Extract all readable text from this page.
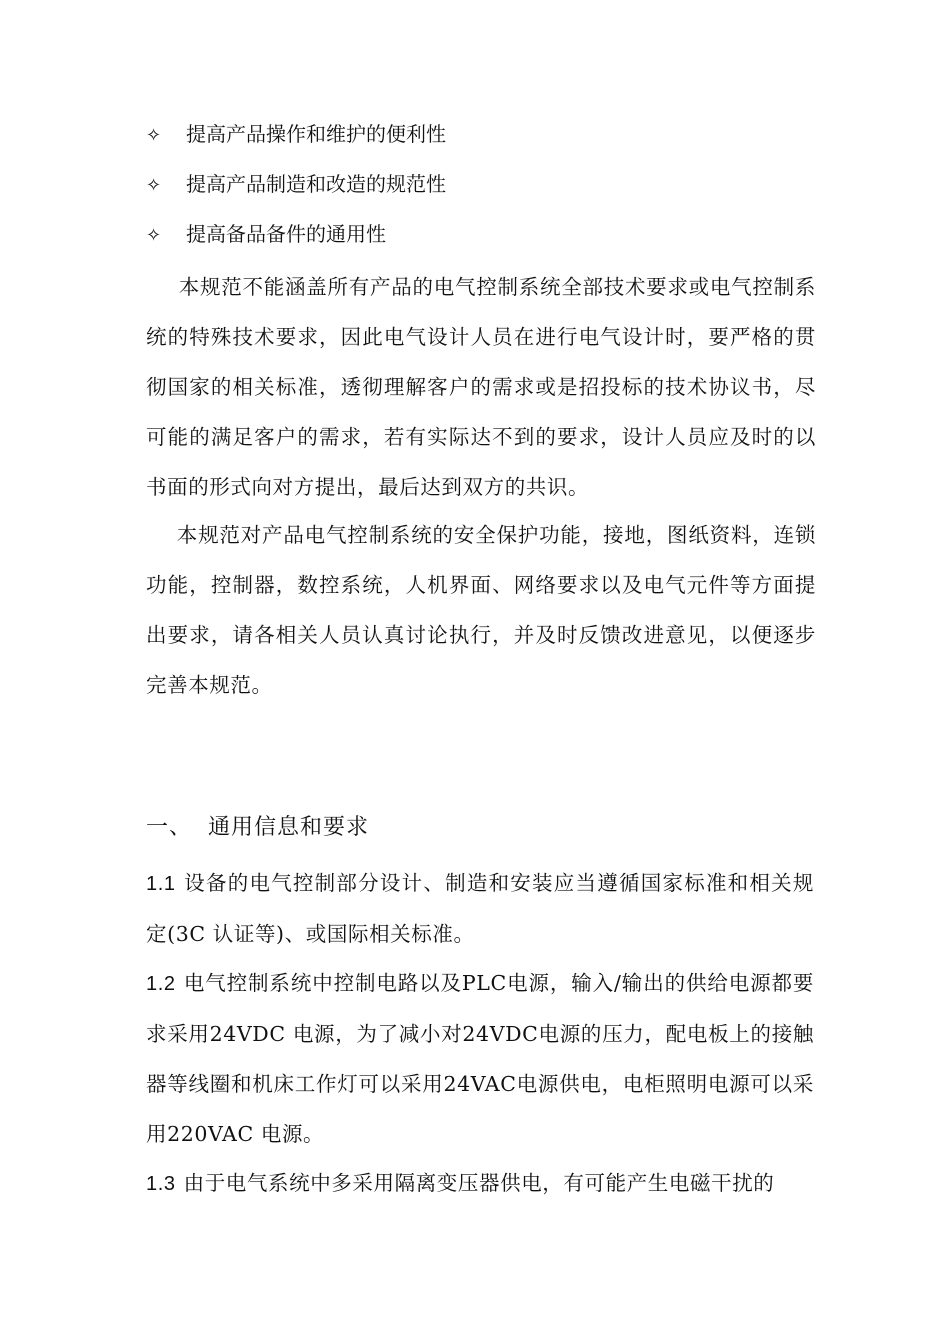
✧ 提高产品操作和维护的便利性
✧ 提高产品制造和改造的规范性
✧ 提高备品备件的通用性

本规范不能涵盖所有产品的电气控制系统全部技术要求或电气控制系统的特殊技术要求，因此电气设计人员在进行电气设计时，要严格的贯彻国家的相关标准，透彻理解客户的需求或是招投标的技术协议书，尽可能的满足客户的需求，若有实际达不到的要求，设计人员应及时的以书面的形式向对方提出，最后达到双方的共识。

本规范对产品电气控制系统的安全保护功能，接地，图纸资料，连锁功能，控制器，数控系统，人机界面、网络要求以及电气元件等方面提出要求，请各相关人员认真讨论执行，并及时反馈改进意见，以便逐步完善本规范。

一、 通用信息和要求

1.1 设备的电气控制部分设计、制造和安装应当遵循国家标准和相关规定(3C 认证等)、或国际相关标准。

1.2 电气控制系统中控制电路以及PLC电源，输入/输出的供给电源都要求采用24VDC 电源，为了减小对24VDC电源的压力，配电板上的接触器等线圈和机床工作灯可以采用24VAC电源供电，电柜照明电源可以采用220VAC 电源。

1.3 由于电气系统中多采用隔离变压器供电，有可能产生电磁干扰的
